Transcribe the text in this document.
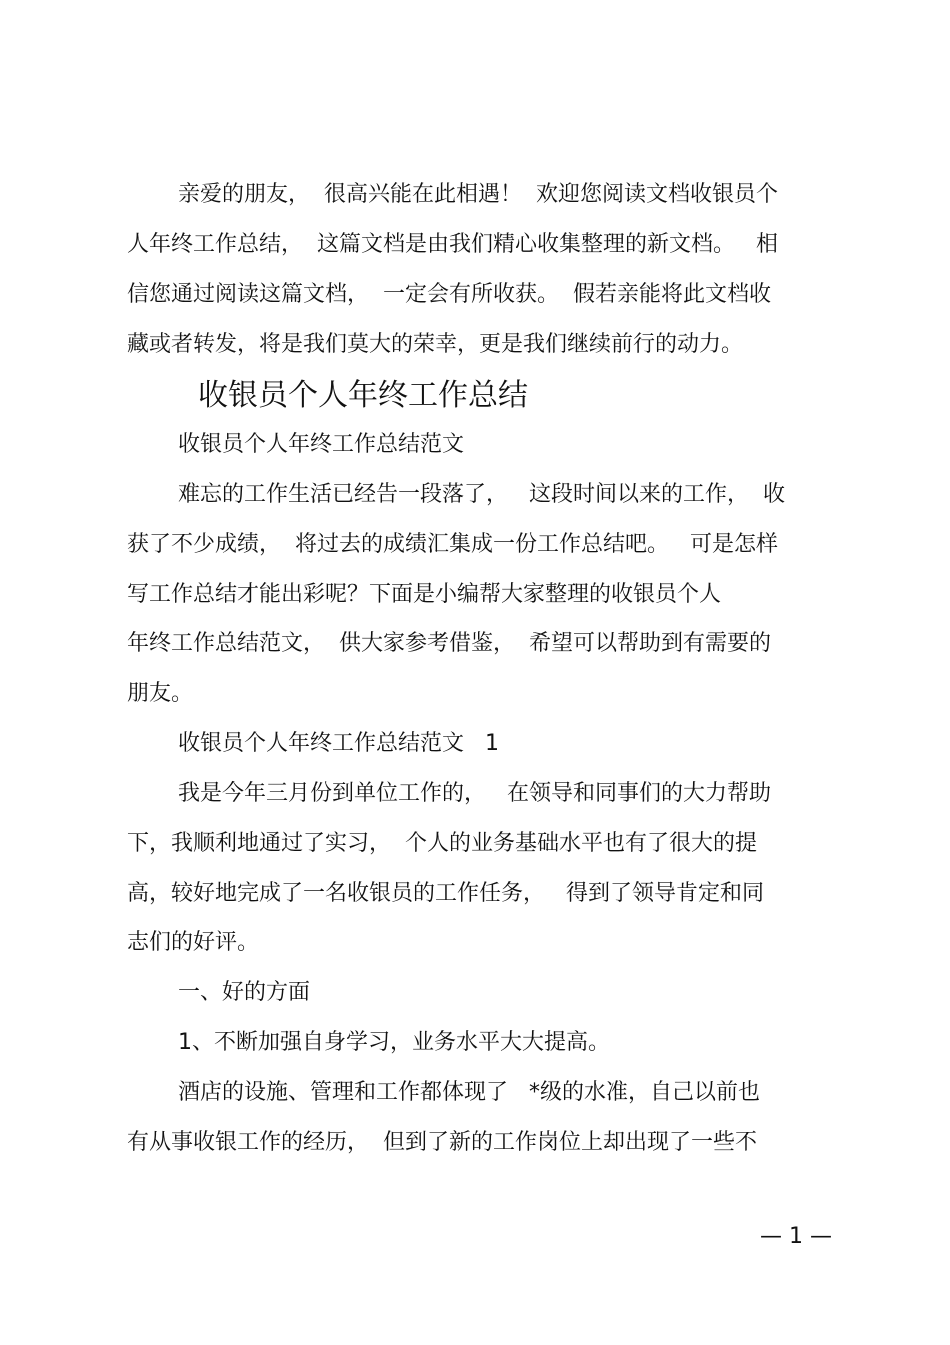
亲爱的朋友，  很高兴能在此相遇！  欢迎您阅读文档收银员个
人年终工作总结，  这篇文档是由我们精心收集整理的新文档。   相
信您通过阅读这篇文档，  一定会有所收获。  假若亲能将此文档收
藏或者转发，将是我们莫大的荣幸，更是我们继续前行的动力。
收银员个人年终工作总结
收银员个人年终工作总结范文
难忘的工作生活已经告一段落了，   这段时间以来的工作，  收
获了不少成绩，  将过去的成绩汇集成一份工作总结吧。   可是怎样
写工作总结才能出彩呢？下面是小编帮大家整理的收银员个人
年终工作总结范文，  供大家参考借鉴，  希望可以帮助到有需要的
朋友。
收银员个人年终工作总结范文   1
我是今年三月份到单位工作的，   在领导和同事们的大力帮助
下，我顺利地通过了实习，  个人的业务基础水平也有了很大的提
高，较好地完成了一名收银员的工作任务，   得到了领导肯定和同
志们的好评。
一、好的方面
1、不断加强自身学习，业务水平大大提高。
酒店的设施、管理和工作都体现了   *级的水准，自己以前也
有从事收银工作的经历，  但到了新的工作岗位上却出现了一些不
— 1 —
